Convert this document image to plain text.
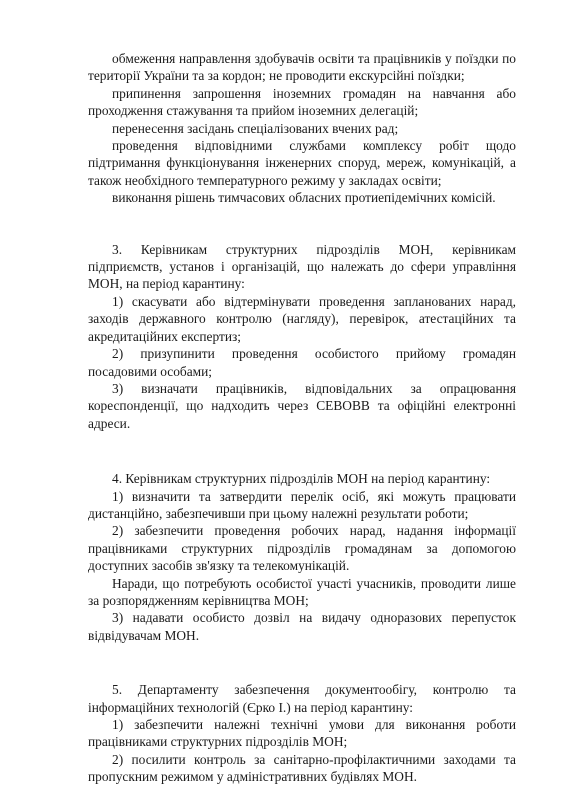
обмеження направлення здобувачів освіти та працівників у поїздки по території України та за кордон; не проводити екскурсійні поїздки;

припинення запрошення іноземних громадян на навчання або проходження стажування та прийом іноземних делегацій;

перенесення засідань спеціалізованих вчених рад;

проведення відповідними службами комплексу робіт щодо підтримання функціонування інженерних споруд, мереж, комунікацій, а також необхідного температурного режиму у закладах освіти;

виконання рішень тимчасових обласних протиепідемічних комісій.

3. Керівникам структурних підрозділів МОН, керівникам підприємств, установ і організацій, що належать до сфери управління МОН, на період карантину:

1) скасувати або відтермінувати проведення запланованих нарад, заходів державного контролю (нагляду), перевірок, атестаційних та акредитаційних експертиз;

2) призупинити проведення особистого прийому громадян посадовими особами;

3) визначати працівників, відповідальних за опрацювання кореспонденції, що надходить через СЕВОВВ та офіційні електронні адреси.

4. Керівникам структурних підрозділів МОН на період карантину:

1) визначити та затвердити перелік осіб, які можуть працювати дистанційно, забезпечивши при цьому належні результати роботи;

2) забезпечити проведення робочих нарад, надання інформації працівниками структурних підрозділів громадянам за допомогою доступних засобів зв'язку та телекомунікацій.

Наради, що потребують особистої участі учасників, проводити лише за розпорядженням керівництва МОН;

3) надавати особисто дозвіл на видачу одноразових перепусток відвідувачам МОН.

5. Департаменту забезпечення документообігу, контролю та інформаційних технологій (Єрко І.) на період карантину:

1) забезпечити належні технічні умови для виконання роботи працівниками структурних підрозділів МОН;

2) посилити контроль за санітарно-профілактичними заходами та пропускним режимом у адміністративних будівлях МОН.
